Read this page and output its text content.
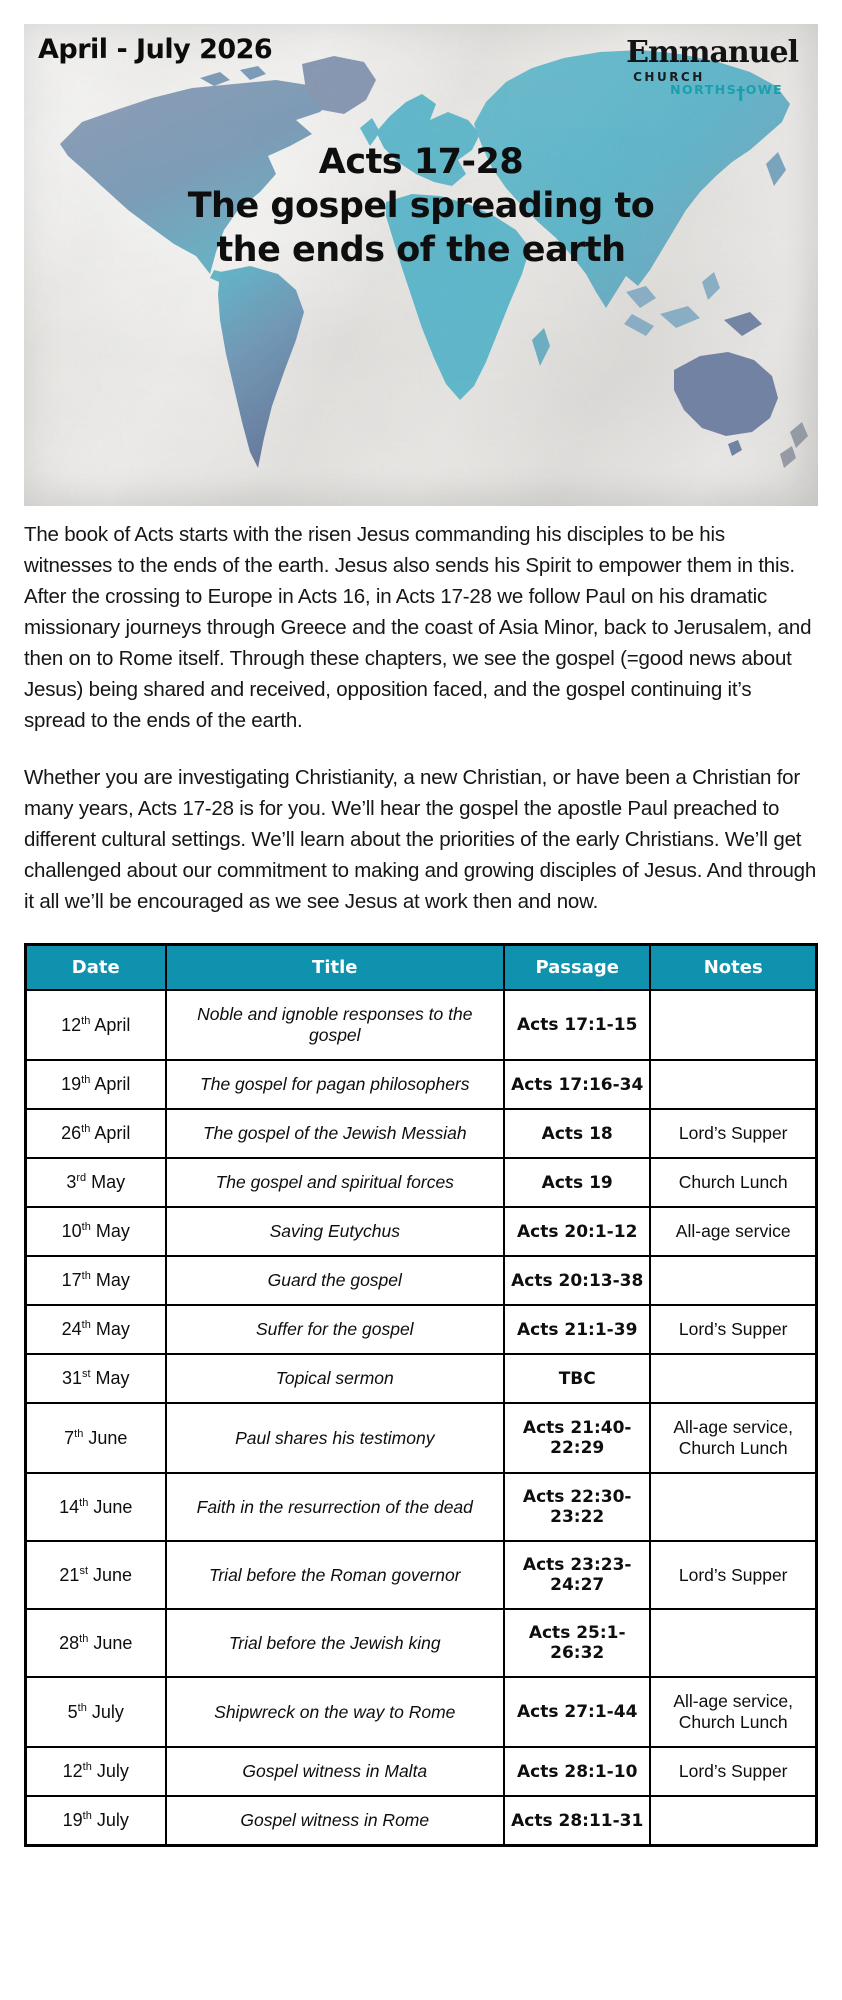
April - July 2026	Emmanuel
CHURCH
NORTHS † OWE
Acts 17-28
The gospel spreading to
the ends of the earth

The book of Acts starts with the risen Jesus commanding his disciples to be his witnesses to the ends of the earth. Jesus also sends his Spirit to empower them in this. After the crossing to Europe in Acts 16, in Acts 17-28 we follow Paul on his dramatic missionary journeys through Greece and the coast of Asia Minor, back to Jerusalem, and then on to Rome itself. Through these chapters, we see the gospel (=good news about Jesus) being shared and received, opposition faced, and the gospel continuing it’s spread to the ends of the earth.

Whether you are investigating Christianity, a new Christian, or have been a Christian for many years, Acts 17-28 is for you. We’ll hear the gospel the apostle Paul preached to different cultural settings. We’ll learn about the priorities of the early Christians. We’ll get challenged about our commitment to making and growing disciples of Jesus. And through it all we’ll be encouraged as we see Jesus at work then and now.

Date	Title	Passage	Notes
12th April	Noble and ignoble responses to the gospel	Acts 17:1-15	
19th April	The gospel for pagan philosophers	Acts 17:16-34	
26th April	The gospel of the Jewish Messiah	Acts 18	Lord’s Supper
3rd May	The gospel and spiritual forces	Acts 19	Church Lunch
10th May	Saving Eutychus	Acts 20:1-12	All-age service
17th May	Guard the gospel	Acts 20:13-38	
24th May	Suffer for the gospel	Acts 21:1-39	Lord’s Supper
31st May	Topical sermon	TBC	
7th June	Paul shares his testimony	Acts 21:40-22:29	All-age service, Church Lunch
14th June	Faith in the resurrection of the dead	Acts 22:30-23:22	
21st June	Trial before the Roman governor	Acts 23:23-24:27	Lord’s Supper
28th June	Trial before the Jewish king	Acts 25:1-26:32	
5th July	Shipwreck on the way to Rome	Acts 27:1-44	All-age service, Church Lunch
12th July	Gospel witness in Malta	Acts 28:1-10	Lord’s Supper
19th July	Gospel witness in Rome	Acts 28:11-31	
